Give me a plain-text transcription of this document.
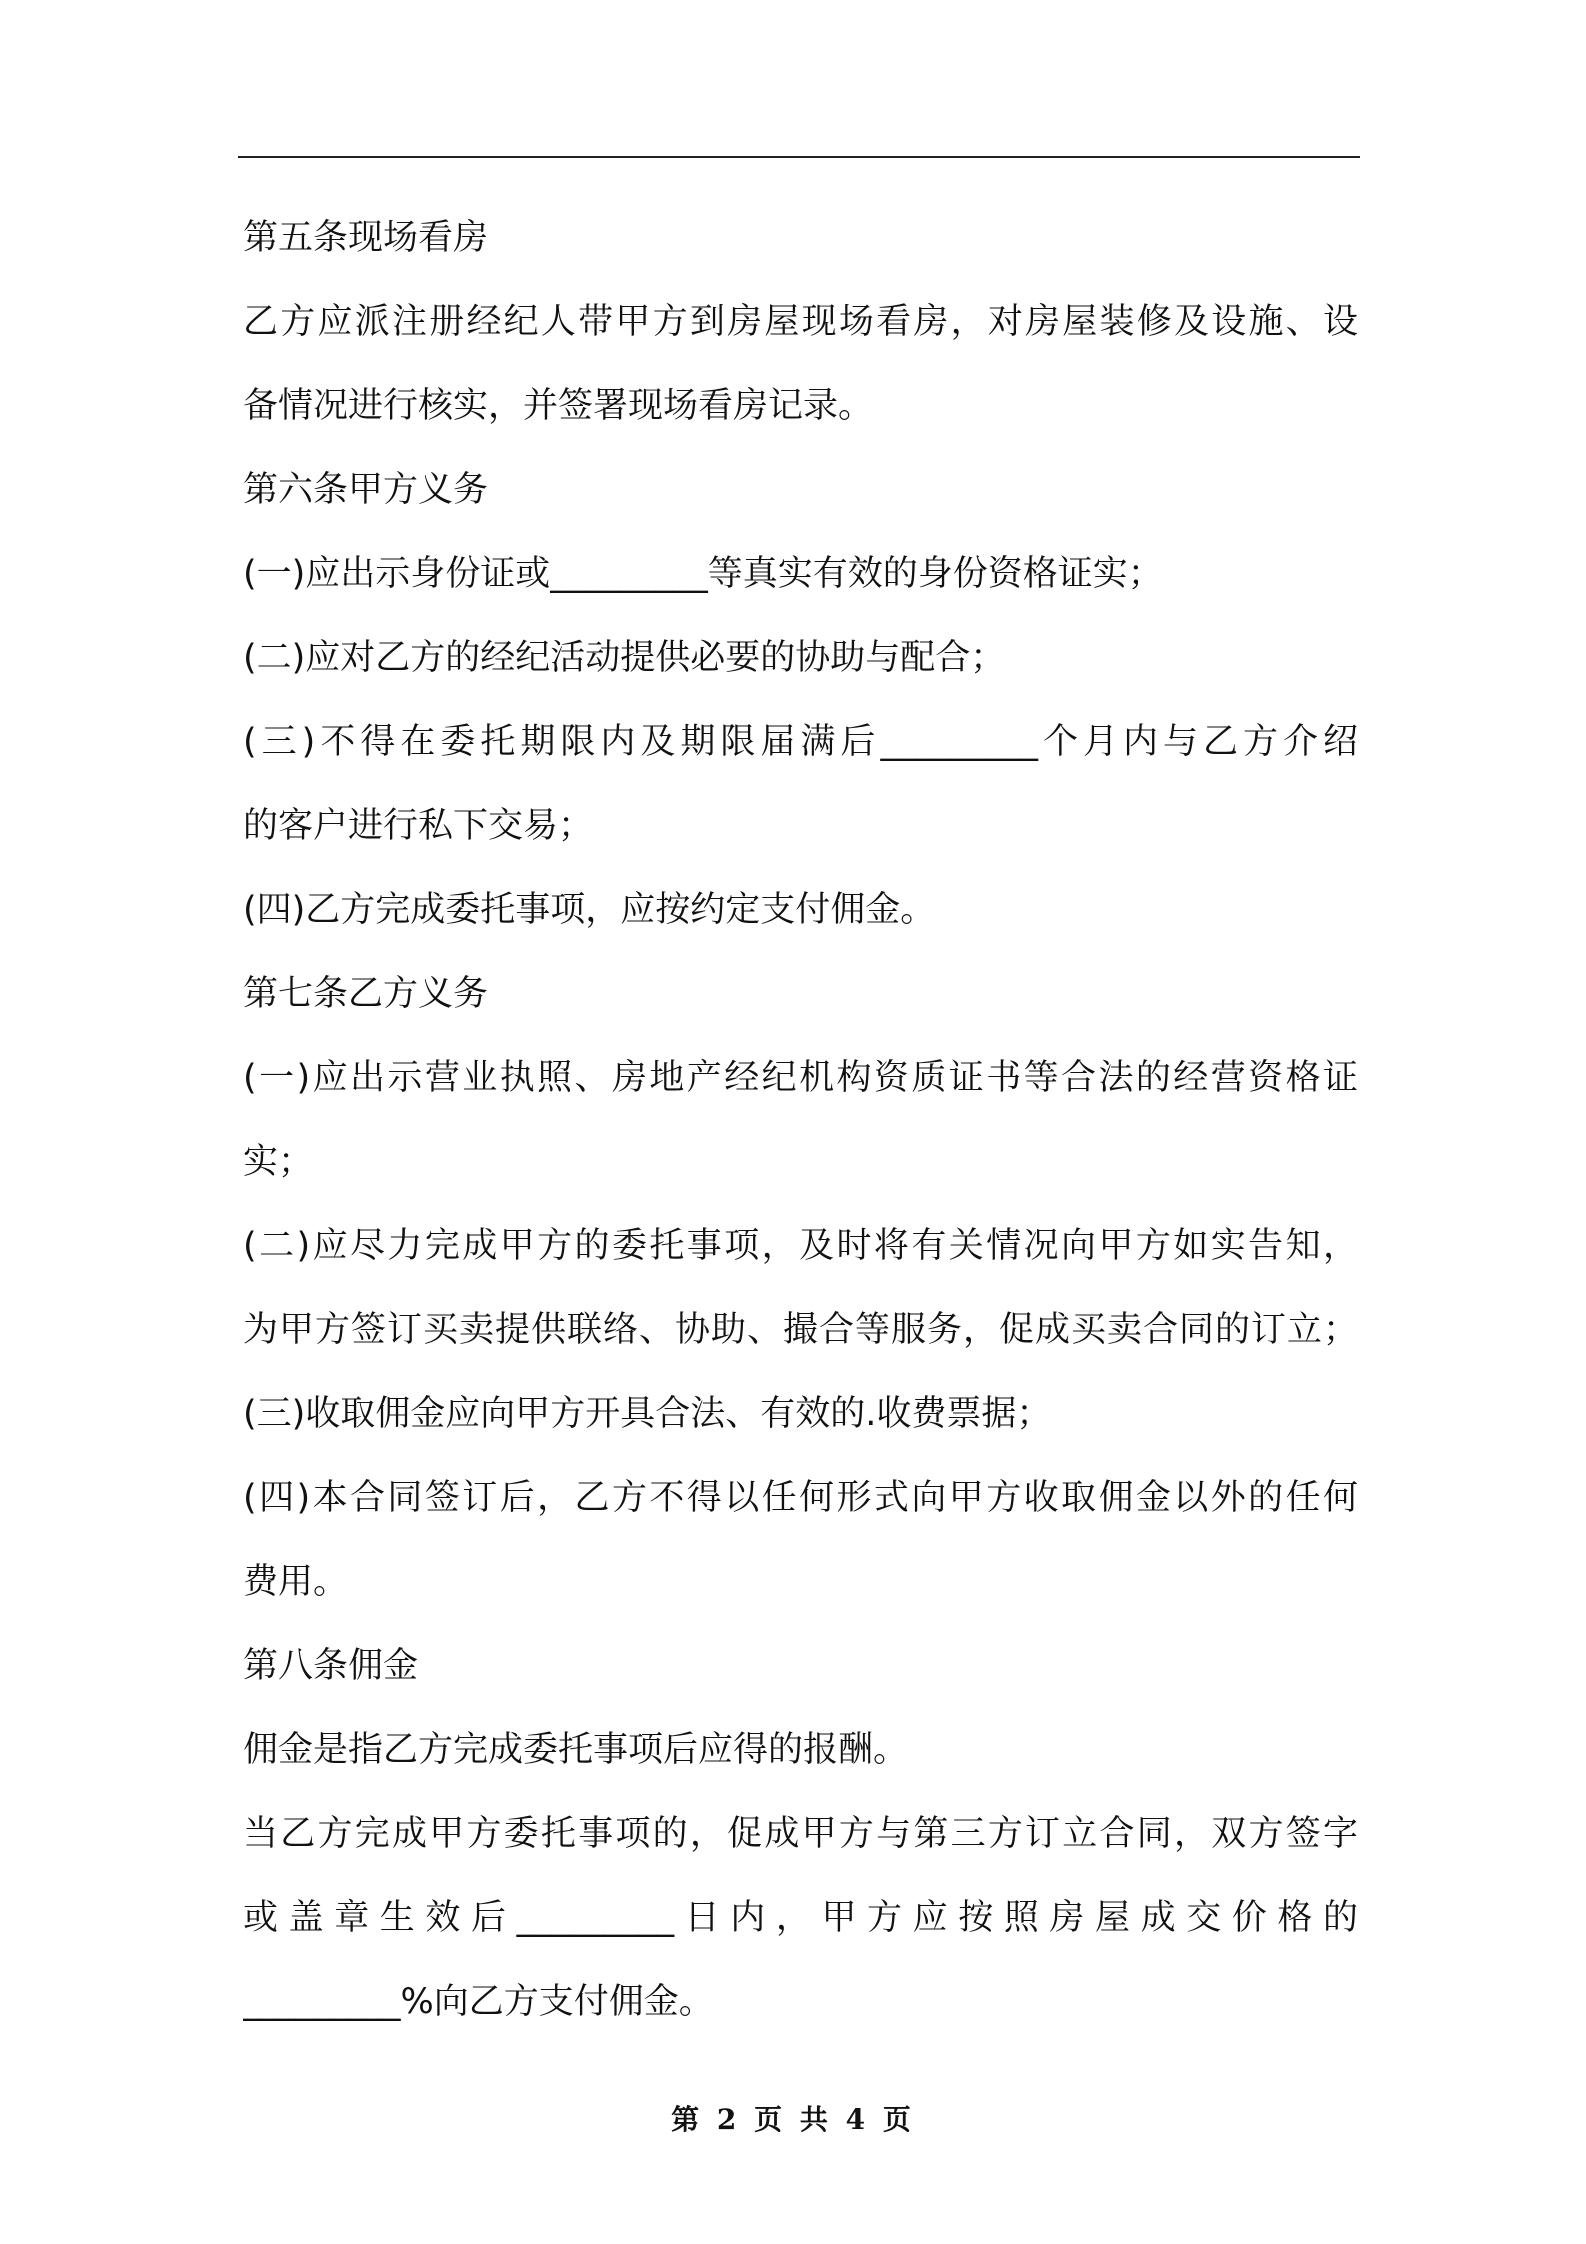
第五条现场看房
乙方应派注册经纪人带甲方到房屋现场看房，对房屋装修及设施、设
备情况进行核实，并签署现场看房记录。
第六条甲方义务
(一)应出示身份证或_________等真实有效的身份资格证实；
(二)应对乙方的经纪活动提供必要的协助与配合；
(三)不得在委托期限内及期限届满后_________个月内与乙方介绍
的客户进行私下交易；
(四)乙方完成委托事项，应按约定支付佣金。
第七条乙方义务
(一)应出示营业执照、房地产经纪机构资质证书等合法的经营资格证
实；
(二)应尽力完成甲方的委托事项，及时将有关情况向甲方如实告知，
为甲方签订买卖提供联络、协助、撮合等服务，促成买卖合同的订立；
(三)收取佣金应向甲方开具合法、有效的.收费票据；
(四)本合同签订后，乙方不得以任何形式向甲方收取佣金以外的任何
费用。
第八条佣金
佣金是指乙方完成委托事项后应得的报酬。
当乙方完成甲方委托事项的，促成甲方与第三方订立合同，双方签字
或盖章生效后_________日内，甲方应按照房屋成交价格的
_________%向乙方支付佣金。
第 2 页 共 4 页
